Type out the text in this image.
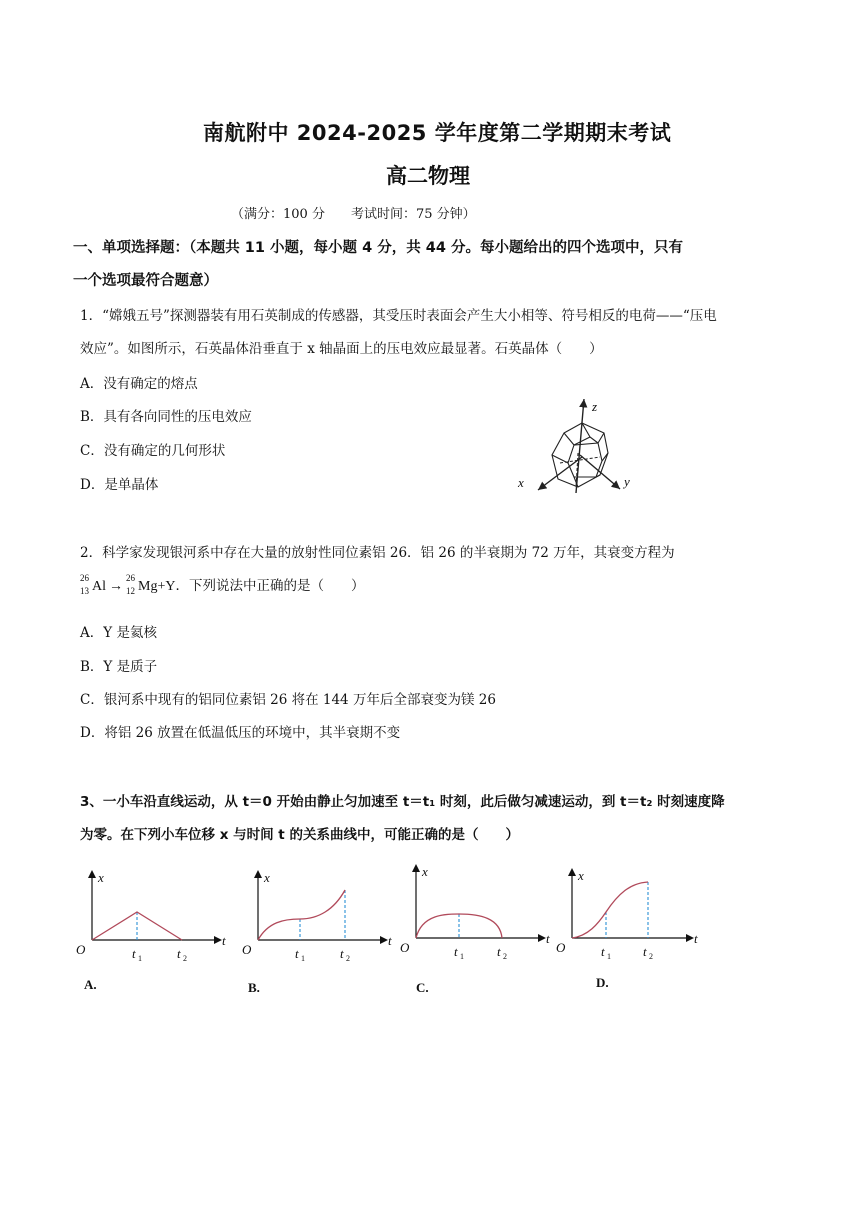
南航附中 2024-2025 学年度第二学期期末考试
高二物理
（满分：100 分　　考试时间：75 分钟）
一、单项选择题：（本题共 11 小题，每小题 4 分，共 44 分。每小题给出的四个选项中，只有
一个选项最符合题意）
1．“嫦娥五号”探测器装有用石英制成的传感器，其受压时表面会产生大小相等、符号相反的电荷——“压电
效应”。如图所示，石英晶体沿垂直于 x 轴晶面上的压电效应最显著。石英晶体（　　）
A．没有确定的熔点
B．具有各向同性的压电效应
C．没有确定的几何形状
D．是单晶体
z
x	y
2．科学家发现银河系中存在大量的放射性同位素铝 26．铝 26 的半衰期为 72 万年，其衰变方程为
26
13 Al →
26
12 Mg+Y．下列说法中正确的是（　　）
A．Y 是氦核
B．Y 是质子
C．银河系中现有的铝同位素铝 26 将在 144 万年后全部衰变为镁 26
D．将铝 26 放置在低温低压的环境中，其半衰期不变
3、一小车沿直线运动，从 t＝0 开始由静止匀加速至 t＝t₁ 时刻，此后做匀减速运动，到 t＝t₂ 时刻速度降
为零。在下列小车位移 x 与时间 t 的关系曲线中，可能正确的是（　　）
x
t
O	t 1	t 2
A.
x
t
O	t 1	t 2
B.
x
t
O	t 1	t 2
C.
x
t
O	t 1 t 2
D.
